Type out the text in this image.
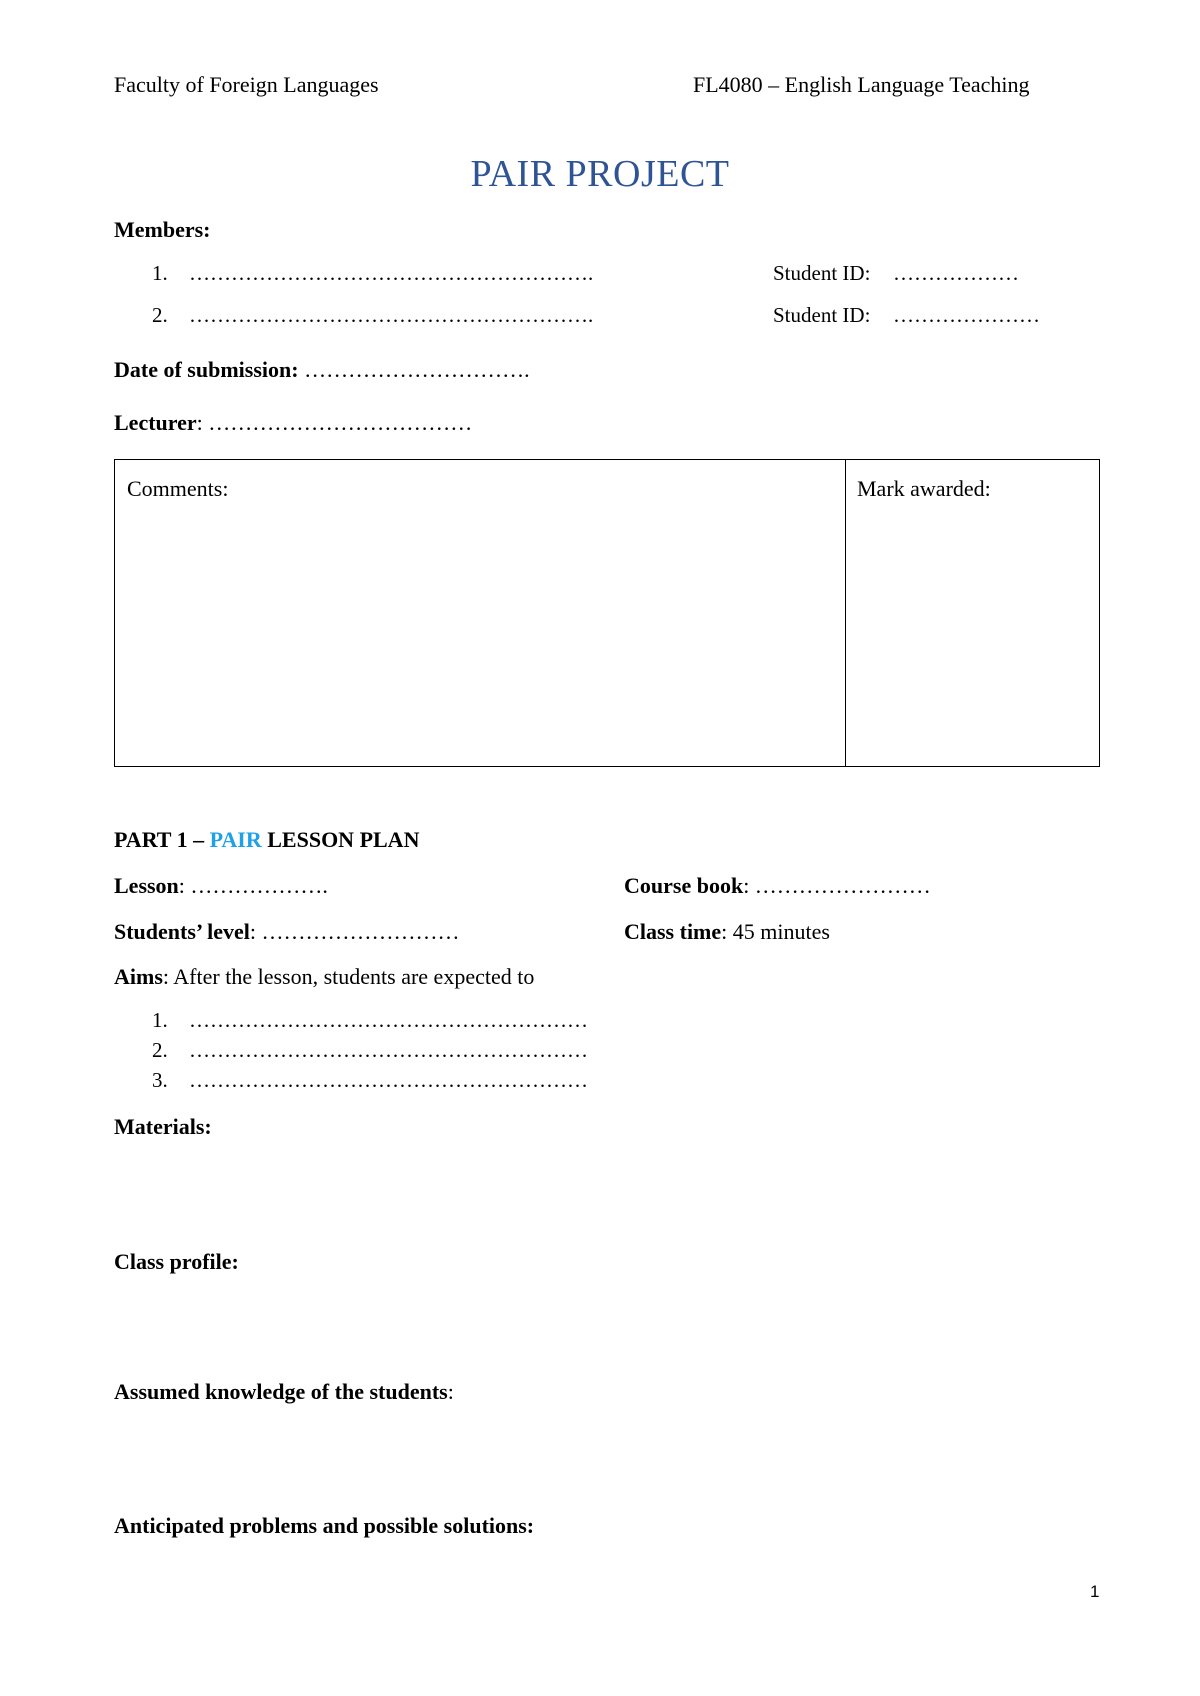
Faculty of Foreign Languages	FL4080 – English Language Teaching
PAIR PROJECT
Members:
1. ………………………………………………….	Student ID: ………………
2. ………………………………………………….	Student ID: …………………
Date of submission: ………………………….
Lecturer: ………………………………
Comments:	Mark awarded:
PART 1 – PAIR LESSON PLAN
Lesson: ……………….	Course book: ……………………
Students’ level: ………………………	Class time: 45 minutes
Aims: After the lesson, students are expected to
1. …………………………………………………
2. …………………………………………………
3. …………………………………………………
Materials:
Class profile:
Assumed knowledge of the students:
Anticipated problems and possible solutions:
1
